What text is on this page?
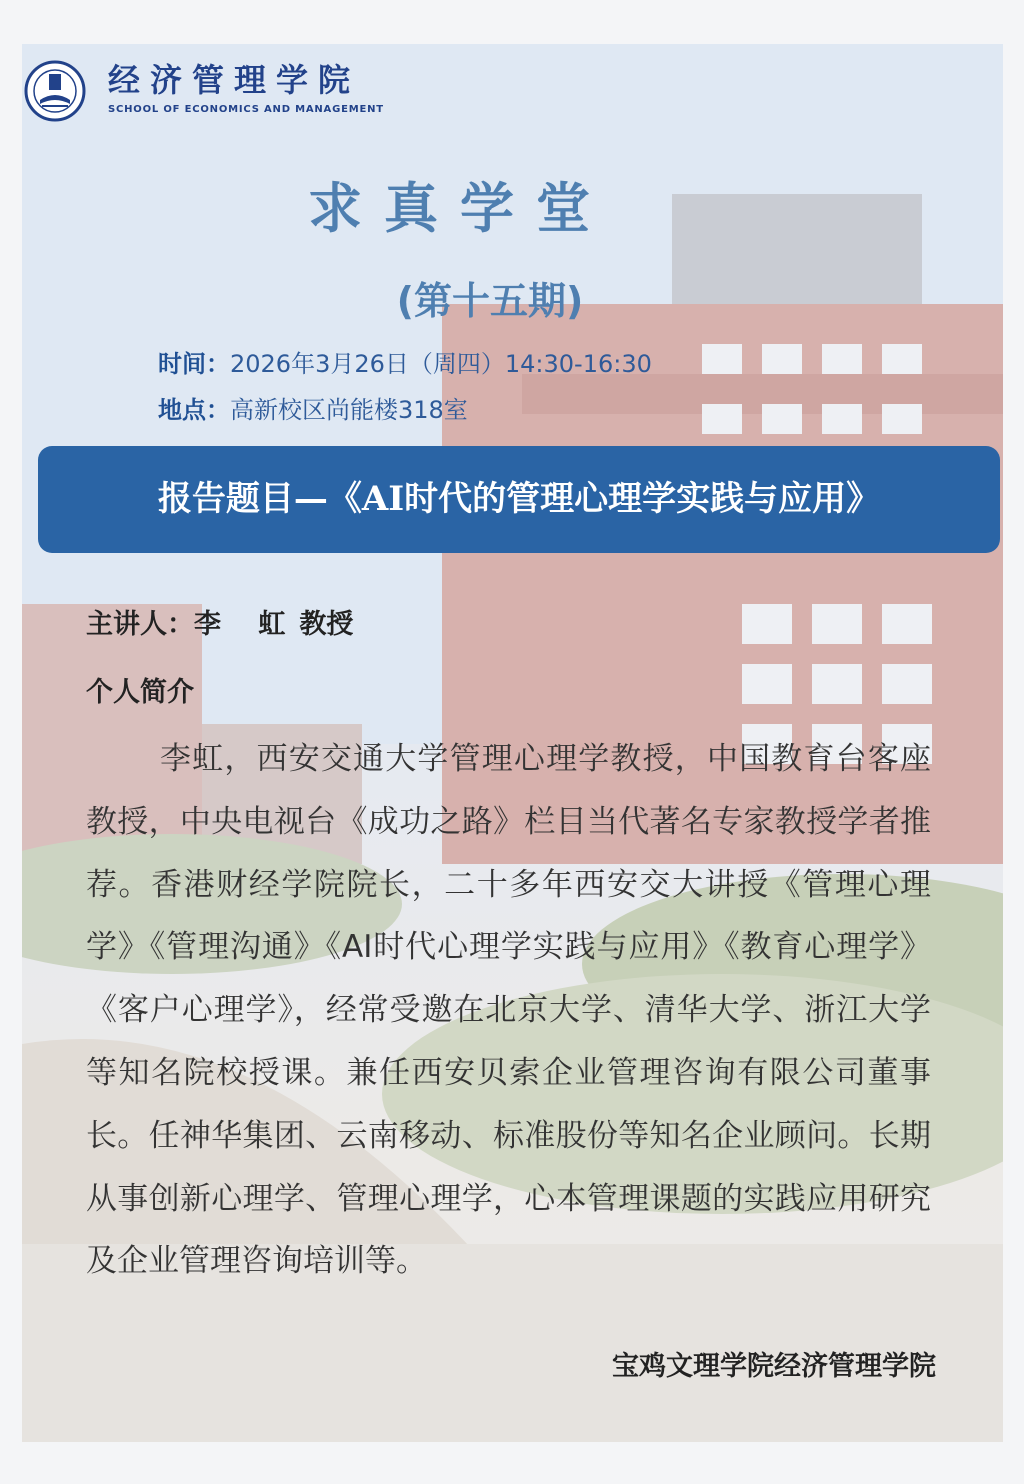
经济管理学院
SCHOOL OF ECONOMICS AND MANAGEMENT
求真学堂
(第十五期)
时间：2026年3月26日（周四）14:30-16:30
地点：高新校区尚能楼318室
报告题目—《AI时代的管理心理学实践与应用》
主讲人：李 虹教授
个人简介

李虹，西安交通大学管理心理学教授，中国教育台客座教授，中央电视台《成功之路》栏目当代著名专家教授学者推荐。香港财经学院院长，二十多年西安交大讲授《管理心理学》《管理沟通》《AI时代心理学实践与应用》《教育心理学》《客户心理学》，经常受邀在北京大学、清华大学、浙江大学等知名院校授课。兼任西安贝索企业管理咨询有限公司董事长。任神华集团、云南移动、标准股份等知名企业顾问。长期从事创新心理学、管理心理学，心本管理课题的实践应用研究及企业管理咨询培训等。

宝鸡文理学院经济管理学院
